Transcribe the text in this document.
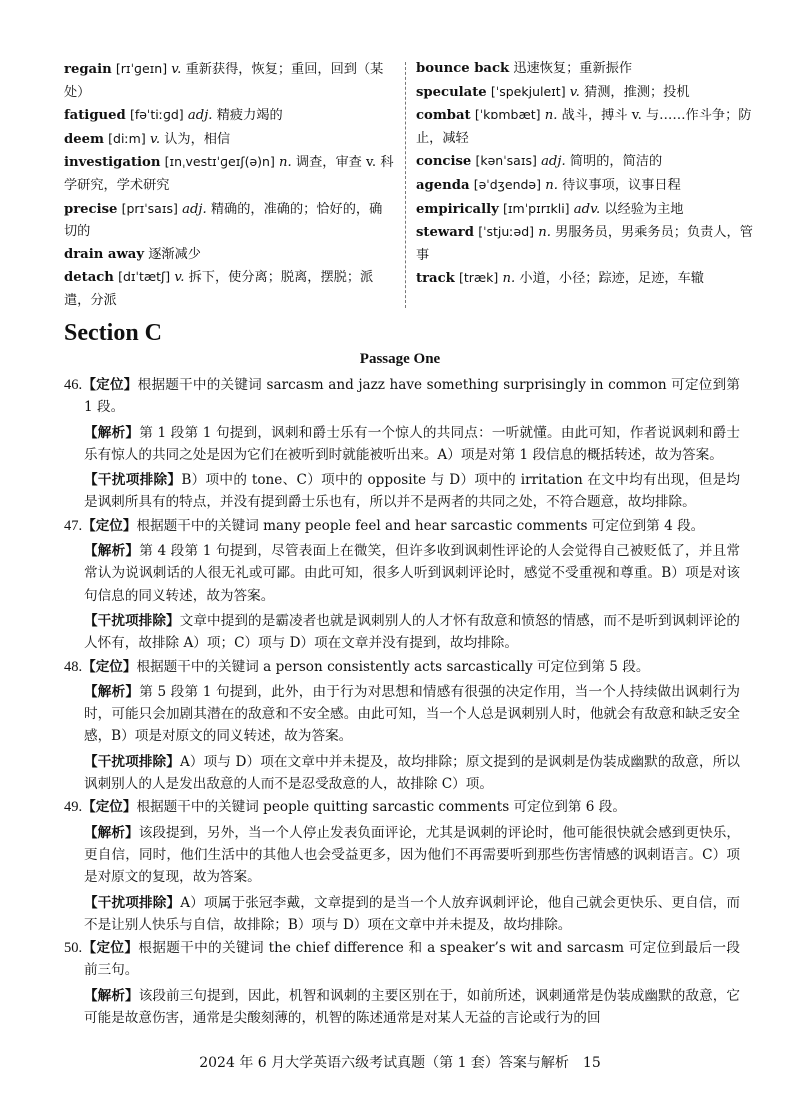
regain [rɪˈɡeɪn] v. 重新获得，恢复；重回，回到（某处）

fatigued [fəˈtiːɡd] adj. 精疲力竭的

deem [diːm] v. 认为，相信

investigation [ɪnˌvestɪˈɡeɪʃ(ə)n] n. 调查，审查 v. 科学研究，学术研究

precise [prɪˈsaɪs] adj. 精确的，准确的；恰好的，确切的

drain away 逐渐减少

detach [dɪˈtætʃ] v. 拆下，使分离；脱离，摆脱；派遣，分派

bounce back 迅速恢复；重新振作

speculate [ˈspekjuleɪt] v. 猜测，推测；投机

combat [ˈkɒmbæt] n. 战斗，搏斗 v. 与……作斗争；防止，减轻

concise [kənˈsaɪs] adj. 简明的，简洁的

agenda [əˈdʒendə] n. 待议事项，议事日程

empirically [ɪmˈpɪrɪkli] adv. 以经验为主地

steward [ˈstjuːəd] n. 男服务员，男乘务员；负责人，管事

track [træk] n. 小道，小径；踪迹，足迹，车辙

Section C
Passage One

46.【定位】根据题干中的关键词 sarcasm and jazz have something surprisingly in common 可定位到第 1 段。

【解析】第 1 段第 1 句提到，讽刺和爵士乐有一个惊人的共同点：一听就懂。由此可知，作者说讽刺和爵士乐有惊人的共同之处是因为它们在被听到时就能被听出来。A）项是对第 1 段信息的概括转述，故为答案。

【干扰项排除】B）项中的 tone、C）项中的 opposite 与 D）项中的 irritation 在文中均有出现，但是均是讽刺所具有的特点，并没有提到爵士乐也有，所以并不是两者的共同之处，不符合题意，故均排除。

47.【定位】根据题干中的关键词 many people feel and hear sarcastic comments 可定位到第 4 段。

【解析】第 4 段第 1 句提到，尽管表面上在微笑，但许多收到讽刺性评论的人会觉得自己被贬低了，并且常常认为说讽刺话的人很无礼或可鄙。由此可知，很多人听到讽刺评论时，感觉不受重视和尊重。B）项是对该句信息的同义转述，故为答案。

【干扰项排除】文章中提到的是霸凌者也就是讽刺别人的人才怀有敌意和愤怒的情感，而不是听到讽刺评论的人怀有，故排除 A）项；C）项与 D）项在文章并没有提到，故均排除。

48.【定位】根据题干中的关键词 a person consistently acts sarcastically 可定位到第 5 段。

【解析】第 5 段第 1 句提到，此外，由于行为对思想和情感有很强的决定作用，当一个人持续做出讽刺行为时，可能只会加剧其潜在的敌意和不安全感。由此可知，当一个人总是讽刺别人时，他就会有敌意和缺乏安全感，B）项是对原文的同义转述，故为答案。

【干扰项排除】A）项与 D）项在文章中并未提及，故均排除；原文提到的是讽刺是伪装成幽默的敌意，所以讽刺别人的人是发出敌意的人而不是忍受敌意的人，故排除 C）项。

49.【定位】根据题干中的关键词 people quitting sarcastic comments 可定位到第 6 段。

【解析】该段提到，另外，当一个人停止发表负面评论，尤其是讽刺的评论时，他可能很快就会感到更快乐，更自信，同时，他们生活中的其他人也会受益更多，因为他们不再需要听到那些伤害情感的讽刺语言。C）项是对原文的复现，故为答案。

【干扰项排除】A）项属于张冠李戴，文章提到的是当一个人放弃讽刺评论，他自己就会更快乐、更自信，而不是让别人快乐与自信，故排除；B）项与 D）项在文章中并未提及，故均排除。

50.【定位】根据题干中的关键词 the chief difference 和 a speaker’s wit and sarcasm 可定位到最后一段前三句。

【解析】该段前三句提到，因此，机智和讽刺的主要区别在于，如前所述，讽刺通常是伪装成幽默的敌意，它可能是故意伤害，通常是尖酸刻薄的，机智的陈述通常是对某人无益的言论或行为的回

2024 年 6 月大学英语六级考试真题（第 1 套）答案与解析　15
